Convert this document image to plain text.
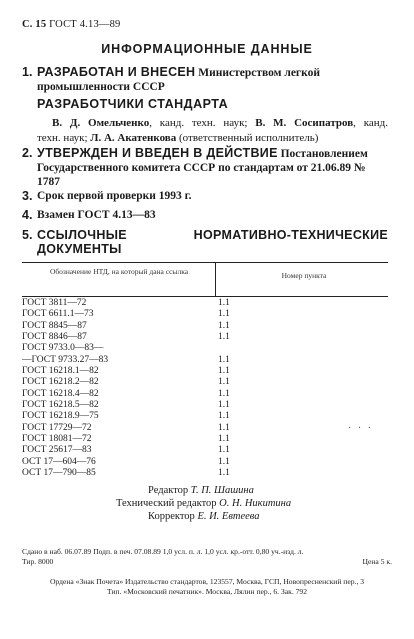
С. 15 ГОСТ 4.13—89
ИНФОРМАЦИОННЫЕ ДАННЫЕ
1. РАЗРАБОТАН И ВНЕСЕН Министерством легкой промышленности СССР
РАЗРАБОТЧИКИ СТАНДАРТА
В. Д. Омельченко, канд. техн. наук; В. М. Сосипатров, канд.
техн. наук; Л. А. Акатенкова (ответственный исполнитель)
2. УТВЕРЖДЕН И ВВЕДЕН В ДЕЙСТВИЕ Постановлением Государственного комитета СССР по стандартам от 21.06.89 № 1787
3. Срок первой проверки 1993 г.
4. Взамен ГОСТ 4.13—83
5. ССЫЛОЧНЫЕ НОРМАТИВНО-ТЕХНИЧЕСКИЕ ДОКУМЕНТЫ
Обозначение НТД, на который дана ссылка	Номер пункта
ГОСТ 3811—72	1.1
ГОСТ 6611.1—73	1.1
ГОСТ 8845—87	1.1
ГОСТ 8846—87	1.1
ГОСТ 9733.0—83—
—ГОСТ 9733.27—83	1.1
ГОСТ 16218.1—82	1.1
ГОСТ 16218.2—82	1.1
ГОСТ 16218.4—82	1.1
ГОСТ 16218.5—82	1.1
ГОСТ 16218.9—75	1.1
ГОСТ 17729—72	1.1
ГОСТ 18081—72	1.1
ГОСТ 25617—83	1.1
ОСТ 17—604—76	1.1
ОСТ 17—790—85	1.1
· · ·
Редактор Т. П. Шашина
Технический редактор О. Н. Никитина
Корректор Е. И. Евтеева
Сдано в наб. 06.07.89 Подп. в печ. 07.08.89 1,0 усл. п. л. 1,0 усл. кр.-отт. 0,80 уч.-изд. л.
Тир. 8000	Цена 5 к.
Ордена «Знак Почета» Издательство стандартов, 123557, Москва, ГСП, Новопресненский пер., 3
Тип. «Московский печатник». Москва, Лялин пер., 6. Зак. 792
